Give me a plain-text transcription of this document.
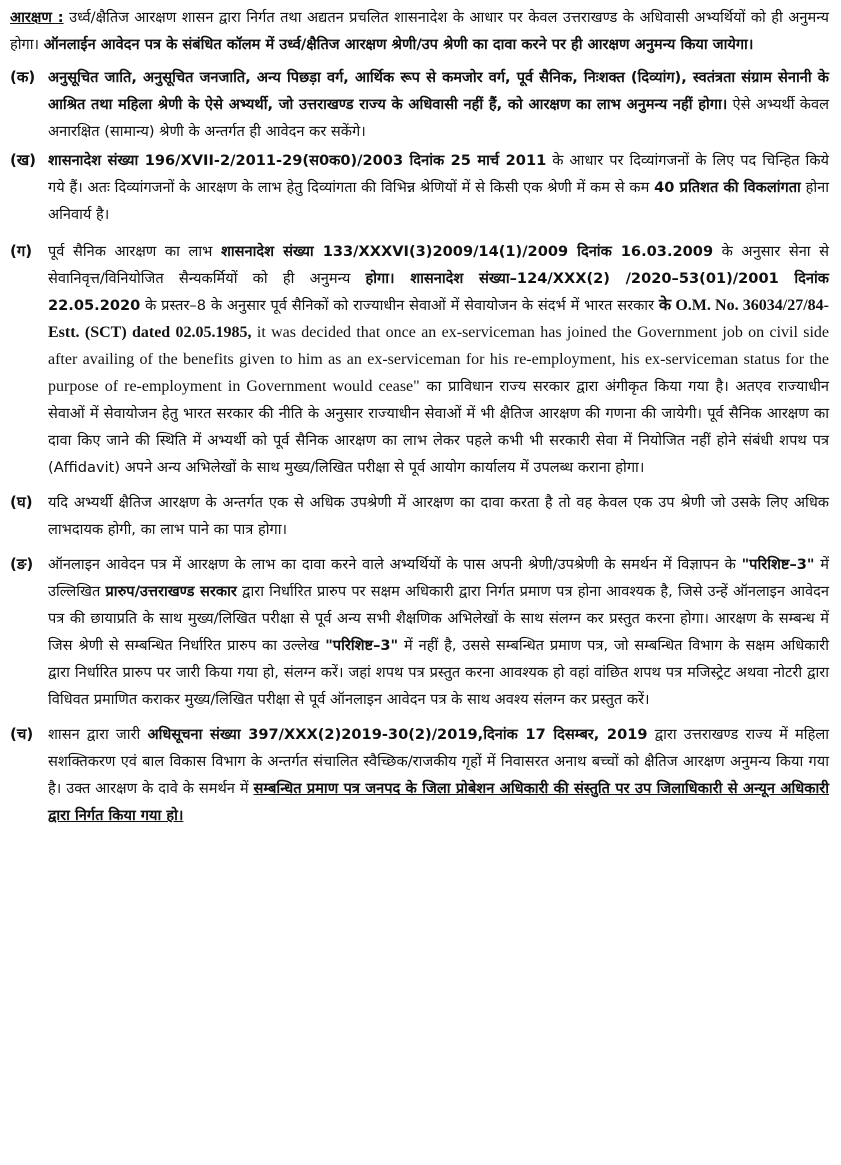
आरक्षण : उर्ध्व/क्षैतिज आरक्षण शासन द्वारा निर्गत तथा अद्यतन प्रचलित शासनादेश के आधार पर केवल उत्तराखण्ड के अधिवासी अभ्यर्थियों को ही अनुमन्य होगा। ऑनलाईन आवेदन पत्र के संबंधित कॉलम में उर्ध्व/क्षैतिज आरक्षण श्रेणी/उप श्रेणी का दावा करने पर ही आरक्षण अनुमन्य किया जायेगा।

(क) अनुसूचित जाति, अनुसूचित जनजाति, अन्य पिछड़ा वर्ग, आर्थिक रूप से कमजोर वर्ग, पूर्व सैनिक, निःशक्त (दिव्यांग), स्वतंत्रता संग्राम सेनानी के आश्रित तथा महिला श्रेणी के ऐसे अभ्यर्थी, जो उत्तराखण्ड राज्य के अधिवासी नहीं हैं, को आरक्षण का लाभ अनुमन्य नहीं होगा। ऐसे अभ्यर्थी केवल अनारक्षित (सामान्य) श्रेणी के अन्तर्गत ही आवेदन कर सकेंगे।

(ख) शासनादेश संख्या 196/XVII-2/2011-29(स0क0)/2003 दिनांक 25 मार्च 2011 के आधार पर दिव्यांगजनों के लिए पद चिन्हित किये गये हैं। अतः दिव्यांगजनों के आरक्षण के लाभ हेतु दिव्यांगता की विभिन्न श्रेणियों में से किसी एक श्रेणी में कम से कम 40 प्रतिशत की विकलांगता होना अनिवार्य है।

(ग)	पूर्व सैनिक आरक्षण का लाभ शासनादेश संख्या 133/XXXVI(3)2009/14(1)/2009 दिनांक 16.03.2009 के अनुसार सेना से सेवानिवृत्त/विनियोजित सैन्यकर्मियों को ही अनुमन्य होगा। शासनादेश संख्या–124/XXX(2) /2020–53(01)/2001 दिनांक 22.05.2020 के प्रस्तर–8 के अनुसार पूर्व सैनिकों को राज्याधीन सेवाओं में सेवायोजन के संदर्भ में भारत सरकार के O.M. No. 36034/27/84-Estt. (SCT) dated 02.05.1985, it was decided that once an ex-serviceman has joined the Government job on civil side after availing of the benefits given to him as an ex-serviceman for his re-employment, his ex-serviceman status for the purpose of re-employment in Government would cease" का प्राविधान राज्य सरकार द्वारा अंगीकृत किया गया है। अतएव राज्याधीन सेवाओं में सेवायोजन हेतु भारत सरकार की नीति के अनुसार राज्याधीन सेवाओं में भी क्षैतिज आरक्षण की गणना की जायेगी। पूर्व सैनिक आरक्षण का दावा किए जाने की स्थिति में अभ्यर्थी को पूर्व सैनिक आरक्षण का लाभ लेकर पहले कभी भी सरकारी सेवा में नियोजित नहीं होने संबंधी शपथ पत्र (Affidavit) अपने अन्य अभिलेखों के साथ मुख्य/लिखित परीक्षा से पूर्व आयोग कार्यालय में उपलब्ध कराना होगा।

(घ)	यदि अभ्यर्थी क्षैतिज आरक्षण के अन्तर्गत एक से अधिक उपश्रेणी में आरक्षण का दावा करता है तो वह केवल एक उप श्रेणी जो उसके लिए अधिक लाभदायक होगी, का लाभ पाने का पात्र होगा।

(ङ)	ऑनलाइन आवेदन पत्र में आरक्षण के लाभ का दावा करने वाले अभ्यर्थियों के पास अपनी श्रेणी/उपश्रेणी के समर्थन में विज्ञापन के "परिशिष्ट–3" में उल्लिखित प्रारुप/उत्तराखण्ड सरकार द्वारा निर्धारित प्रारुप पर सक्षम अधिकारी द्वारा निर्गत प्रमाण पत्र होना आवश्यक है, जिसे उन्हें ऑनलाइन आवेदन पत्र की छायाप्रति के साथ मुख्य/लिखित परीक्षा से पूर्व अन्य सभी शैक्षणिक अभिलेखों के साथ संलग्न कर प्रस्तुत करना होगा। आरक्षण के सम्बन्ध में जिस श्रेणी से सम्बन्धित निर्धारित प्रारुप का उल्लेख "परिशिष्ट–3" में नहीं है, उससे सम्बन्धित प्रमाण पत्र, जो सम्बन्धित विभाग के सक्षम अधिकारी द्वारा निर्धारित प्रारुप पर जारी किया गया हो, संलग्न करें। जहां शपथ पत्र प्रस्तुत करना आवश्यक हो वहां वांछित शपथ पत्र मजिस्ट्रेट अथवा नोटरी द्वारा विधिवत प्रमाणित कराकर मुख्य/लिखित परीक्षा से पूर्व ऑनलाइन आवेदन पत्र के साथ अवश्य संलग्न कर प्रस्तुत करें।

(च)	शासन द्वारा जारी अधिसूचना संख्या 397/XXX(2)2019-30(2)/2019,दिनांक 17 दिसम्बर, 2019 द्वारा उत्तराखण्ड राज्य में महिला सशक्तिकरण एवं बाल विकास विभाग के अन्तर्गत संचालित स्वैच्छिक/राजकीय गृहों में निवासरत अनाथ बच्चों को क्षैतिज आरक्षण अनुमन्य किया गया है। उक्त आरक्षण के दावे के समर्थन में सम्बन्धित प्रमाण पत्र जनपद के जिला प्रोबेशन अधिकारी की संस्तुति पर उप जिलाधिकारी से अन्यून अधिकारी द्वारा निर्गत किया गया हो।
